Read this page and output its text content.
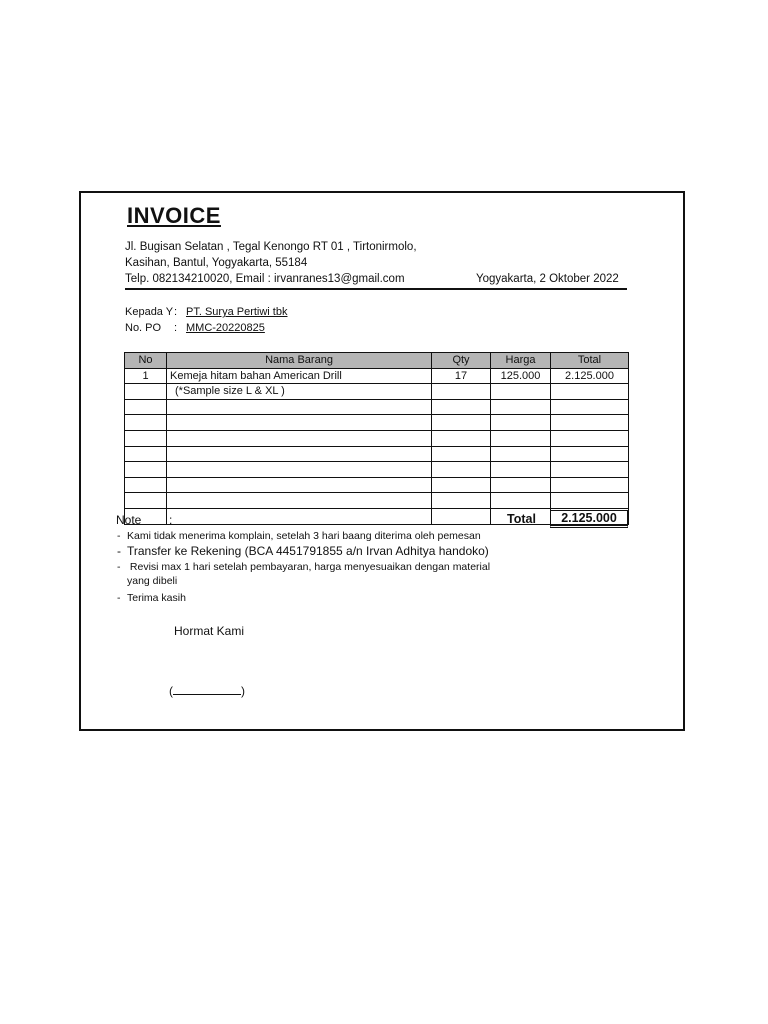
INVOICE
Jl. Bugisan Selatan , Tegal Kenongo RT 01 , Tirtonirmolo,
Kasihan, Bantul, Yogyakarta, 55184
Telp. 082134210020, Email : irvanranes13@gmail.com	Yogyakarta, 2 Oktober 2022
Kepada Y: PT. Surya Pertiwi tbk
No. PO : MMC-20220825
No	Nama Barang	Qty	Harga	Total
1	Kemeja hitam bahan American Drill	17	125.000	2.125.000
	(*Sample size L & XL )			

Note :	Total	2.125.000
- Kami tidak menerima komplain, setelah 3 hari baang diterima oleh pemesan
- Transfer ke Rekening (BCA 4451791855 a/n Irvan Adhitya handoko)
- Revisi max 1 hari setelah pembayaran, harga menyesuaikan dengan material
yang dibeli
- Terima kasih
Hormat Kami
(	)
